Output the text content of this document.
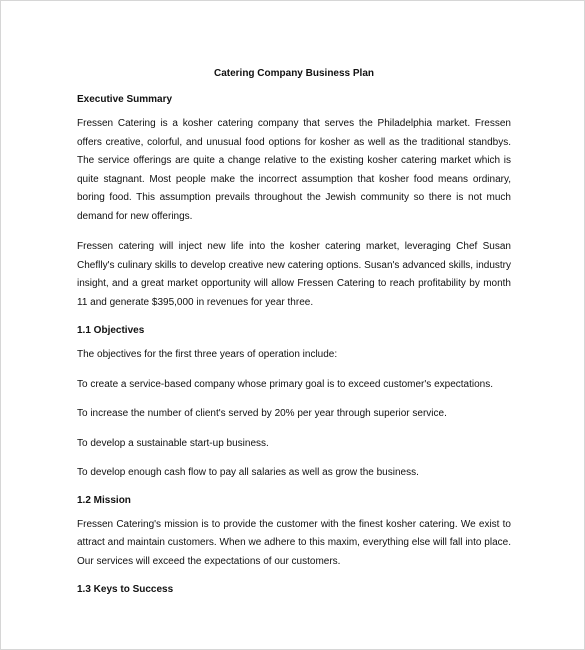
Catering Company Business Plan
Executive Summary

Fressen Catering is a kosher catering company that serves the Philadelphia market. Fressen offers creative, colorful, and unusual food options for kosher as well as the traditional standbys. The service offerings are quite a change relative to the existing kosher catering market which is quite stagnant. Most people make the incorrect assumption that kosher food means ordinary, boring food. This assumption prevails throughout the Jewish community so there is not much demand for new offerings.

Fressen catering will inject new life into the kosher catering market, leveraging Chef Susan Cheflly's culinary skills to develop creative new catering options. Susan's advanced skills, industry insight, and a great market opportunity will allow Fressen Catering to reach profitability by month 11 and generate $395,000 in revenues for year three.

1.1 Objectives

The objectives for the first three years of operation include:

To create a service-based company whose primary goal is to exceed customer's expectations.

To increase the number of client's served by 20% per year through superior service.

To develop a sustainable start-up business.

To develop enough cash flow to pay all salaries as well as grow the business.

1.2 Mission

Fressen Catering's mission is to provide the customer with the finest kosher catering. We exist to attract and maintain customers. When we adhere to this maxim, everything else will fall into place. Our services will exceed the expectations of our customers.

1.3 Keys to Success
